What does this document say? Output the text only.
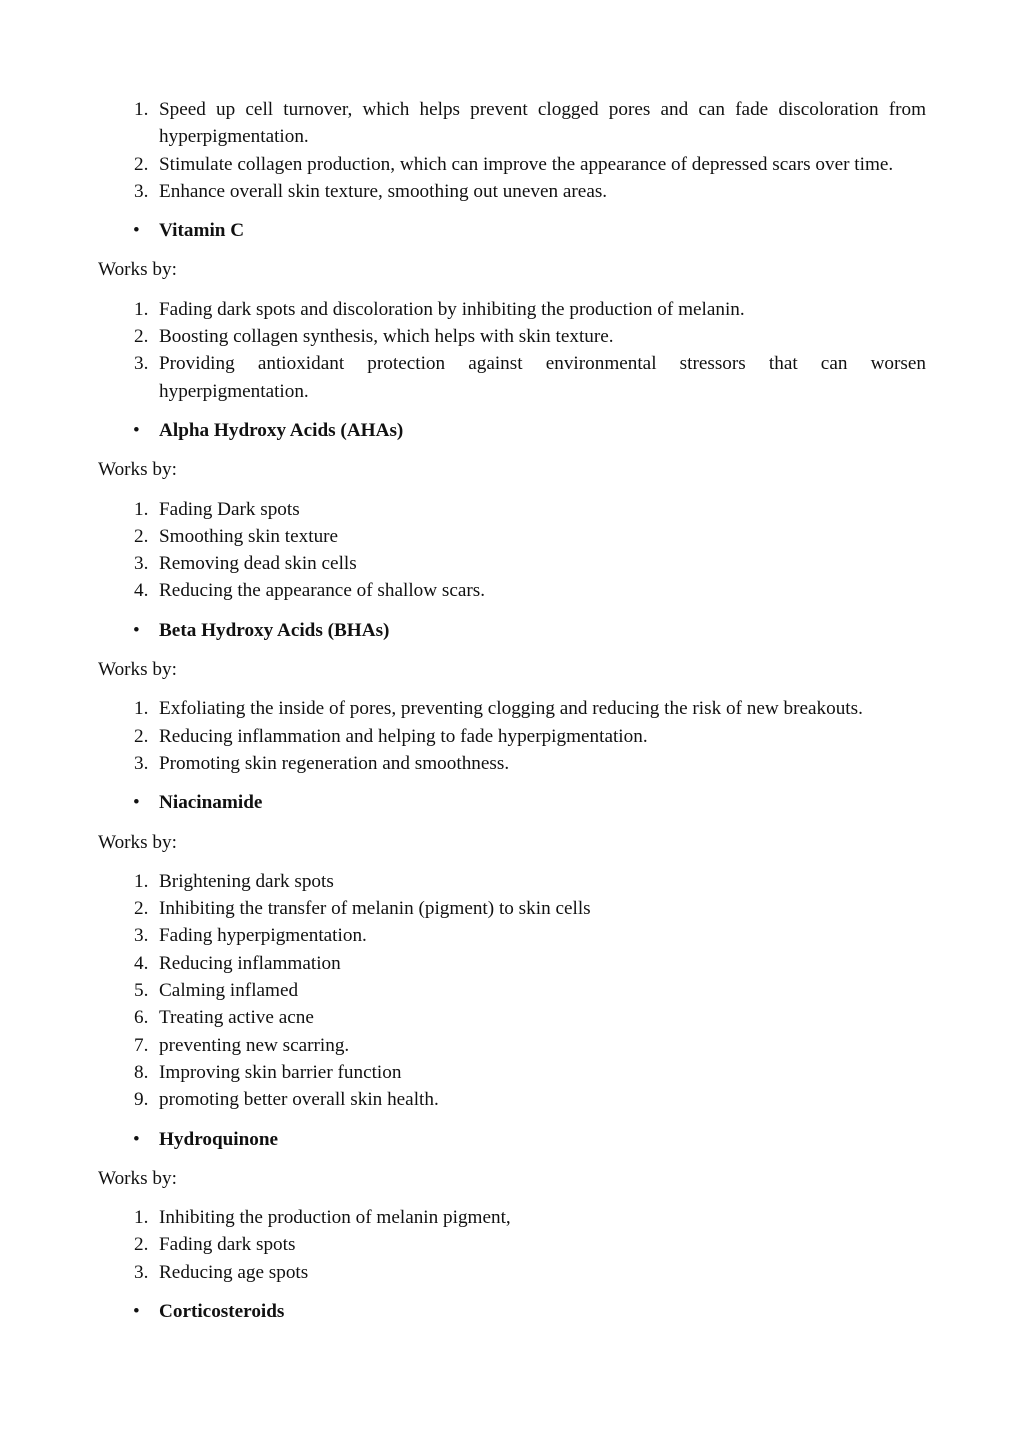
1. Speed up cell turnover, which helps prevent clogged pores and can fade discoloration from hyperpigmentation.
2. Stimulate collagen production, which can improve the appearance of depressed scars over time.
3. Enhance overall skin texture, smoothing out uneven areas.
• Vitamin C
Works by:
1. Fading dark spots and discoloration by inhibiting the production of melanin.
2. Boosting collagen synthesis, which helps with skin texture.
3. Providing antioxidant protection against environmental stressors that can worsen hyperpigmentation.
• Alpha Hydroxy Acids (AHAs)
Works by:
1. Fading Dark spots
2. Smoothing skin texture
3. Removing dead skin cells
4. Reducing the appearance of shallow scars.
• Beta Hydroxy Acids (BHAs)
Works by:
1. Exfoliating the inside of pores, preventing clogging and reducing the risk of new breakouts.
2. Reducing inflammation and helping to fade hyperpigmentation.
3. Promoting skin regeneration and smoothness.
• Niacinamide
Works by:
1. Brightening dark spots
2. Inhibiting the transfer of melanin (pigment) to skin cells
3. Fading hyperpigmentation.
4. Reducing inflammation
5. Calming inflamed
6. Treating active acne
7. preventing new scarring.
8. Improving skin barrier function
9. promoting better overall skin health.
• Hydroquinone
Works by:
1. Inhibiting the production of melanin pigment,
2. Fading dark spots
3. Reducing age spots
• Corticosteroids
